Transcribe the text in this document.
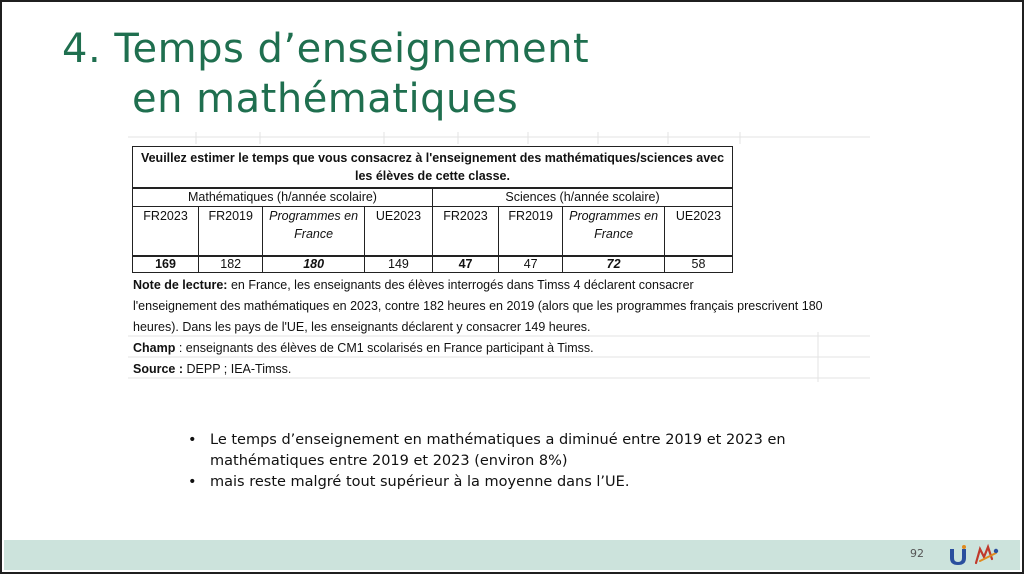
4. Temps d’enseignement
en mathématiques
Veuillez estimer le temps que vous consacrez à l'enseignement des mathématiques/sciences avec les élèves de cette classe.							
Mathématiques (h/année scolaire)				Sciences (h/année scolaire)			
FR2023	FR2019	Programmes en France	UE2023	FR2023	FR2019	Programmes en France	UE2023
169	182	180	149	47	47	72	58
Note de lecture: en France, les enseignants des élèves interrogés dans Timss 4 déclarent consacrer
l'enseignement des mathématiques en 2023, contre 182 heures en 2019 (alors que les programmes français prescrivent 180
heures). Dans les pays de l'UE, les enseignants déclarent y consacrer 149 heures.
Champ : enseignants des élèves de CM1 scolarisés en France participant à Timss.
Source : DEPP ; IEA-Timss.
• Le temps d’enseignement en mathématiques a diminué entre 2019 et 2023 en mathématiques entre 2019 et 2023 (environ 8%)
• mais reste malgré tout supérieur à la moyenne dans l’UE.
92
